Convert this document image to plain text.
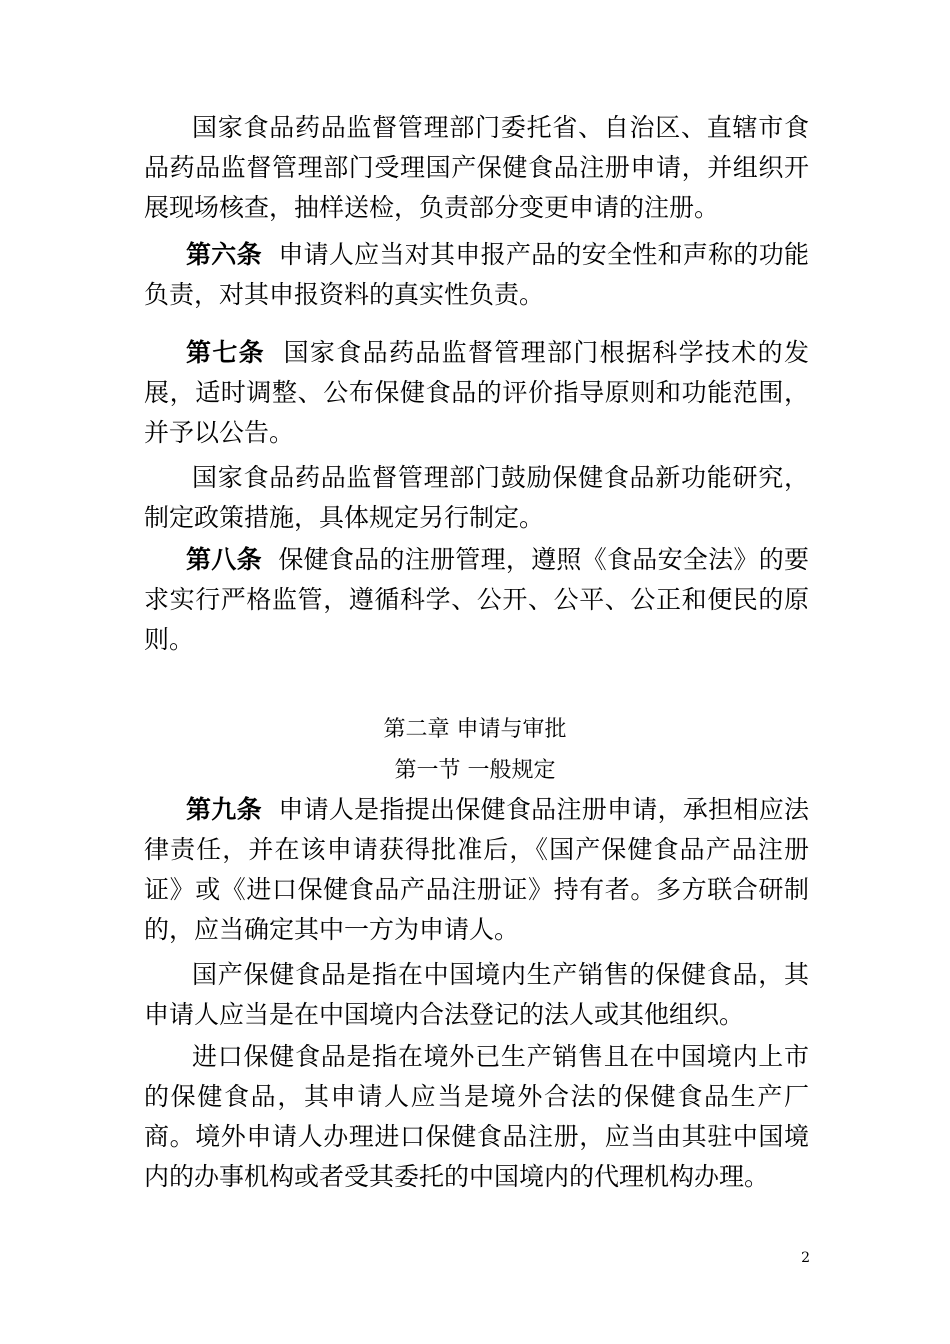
国家食品药品监督管理部门委托省、自治区、直辖市食品药品监督管理部门受理国产保健食品注册申请，并组织开展现场核查，抽样送检，负责部分变更申请的注册。

第六条 申请人应当对其申报产品的安全性和声称的功能负责，对其申报资料的真实性负责。

第七条 国家食品药品监督管理部门根据科学技术的发展，适时调整、公布保健食品的评价指导原则和功能范围，并予以公告。

国家食品药品监督管理部门鼓励保健食品新功能研究，制定政策措施，具体规定另行制定。

第八条 保健食品的注册管理，遵照《食品安全法》的要求实行严格监管，遵循科学、公开、公平、公正和便民的原则。

第二章 申请与审批

第一节 一般规定

第九条 申请人是指提出保健食品注册申请，承担相应法律责任，并在该申请获得批准后，《国产保健食品产品注册证》或《进口保健食品产品注册证》持有者。多方联合研制的，应当确定其中一方为申请人。

国产保健食品是指在中国境内生产销售的保健食品，其申请人应当是在中国境内合法登记的法人或其他组织。

进口保健食品是指在境外已生产销售且在中国境内上市的保健食品，其申请人应当是境外合法的保健食品生产厂商。境外申请人办理进口保健食品注册，应当由其驻中国境内的办事机构或者受其委托的中国境内的代理机构办理。

2
